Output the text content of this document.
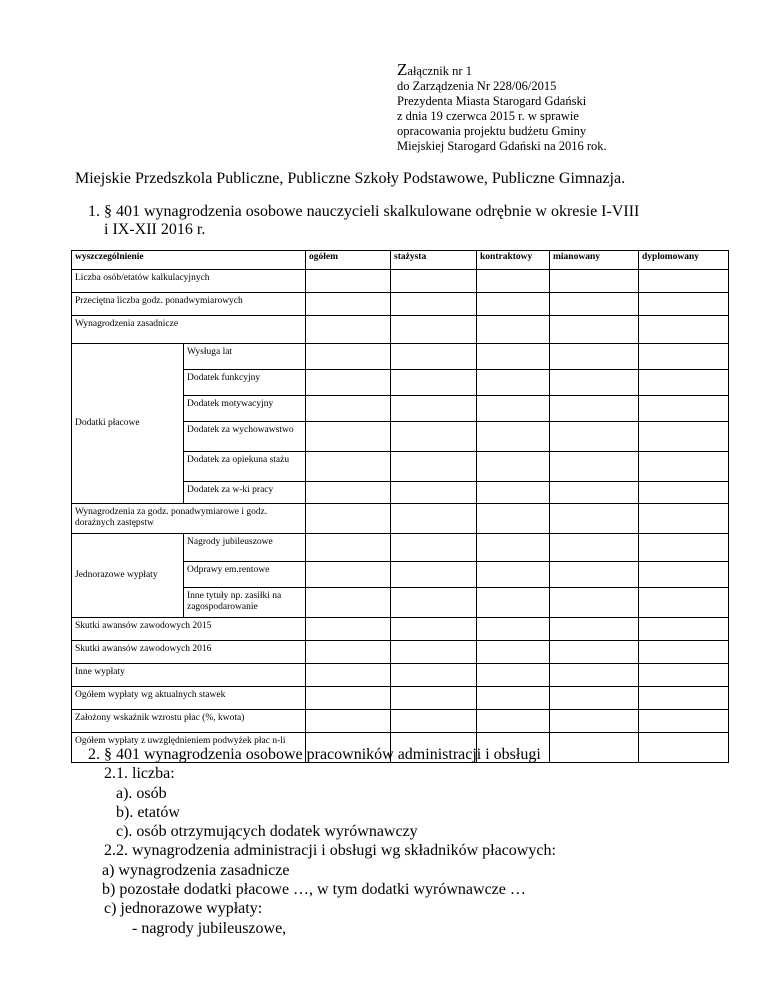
Załącznik nr 1
do Zarządzenia Nr 228/06/2015
Prezydenta Miasta Starogard Gdański
z dnia 19 czerwca 2015 r. w sprawie
opracowania projektu budżetu Gminy
Miejskiej Starogard Gdański na 2016 rok.
Miejskie Przedszkola Publiczne, Publiczne Szkoły Podstawowe, Publiczne Gimnazja.
1. § 401 wynagrodzenia osobowe nauczycieli skalkulowane odrębnie w okresie I-VIII
i IX-XII 2016 r.
wyszczególnienie		ogółem	stażysta	kontraktowy	mianowany	dyplomowany
Liczba osób/etatów kalkulacyjnych						
Przeciętna liczba godz. ponadwymiarowych						
Wynagrodzenia zasadnicze						
Dodatki płacowe	Wysługa lat					
	Dodatek funkcyjny					
	Dodatek motywacyjny					
	Dodatek za wychowawstwo					
	Dodatek za opiekuna stażu					
	Dodatek za w-ki pracy					
Wynagrodzenia za godz. ponadwymiarowe i godz. doraźnych zastępstw						
Jednorazowe wypłaty	Nagrody jubileuszowe					
	Odprawy em.rentowe					
	Inne tytuły np. zasiłki na zagospodarowanie					
Skutki awansów zawodowych 2015						
Skutki awansów zawodowych 2016						
Inne wypłaty						
Ogółem wypłaty wg aktualnych stawek						
Założony wskaźnik wzrostu płac (%, kwota)						
Ogółem wypłaty z uwzględnieniem podwyżek płac n-li						
2. § 401 wynagrodzenia osobowe pracowników administracji i obsługi
2.1. liczba:
a). osób
b). etatów
c). osób otrzymujących dodatek wyrównawczy
2.2. wynagrodzenia administracji i obsługi wg składników płacowych:
a) wynagrodzenia zasadnicze
b) pozostałe dodatki płacowe …, w tym dodatki wyrównawcze …
c) jednorazowe wypłaty:
- nagrody jubileuszowe,
